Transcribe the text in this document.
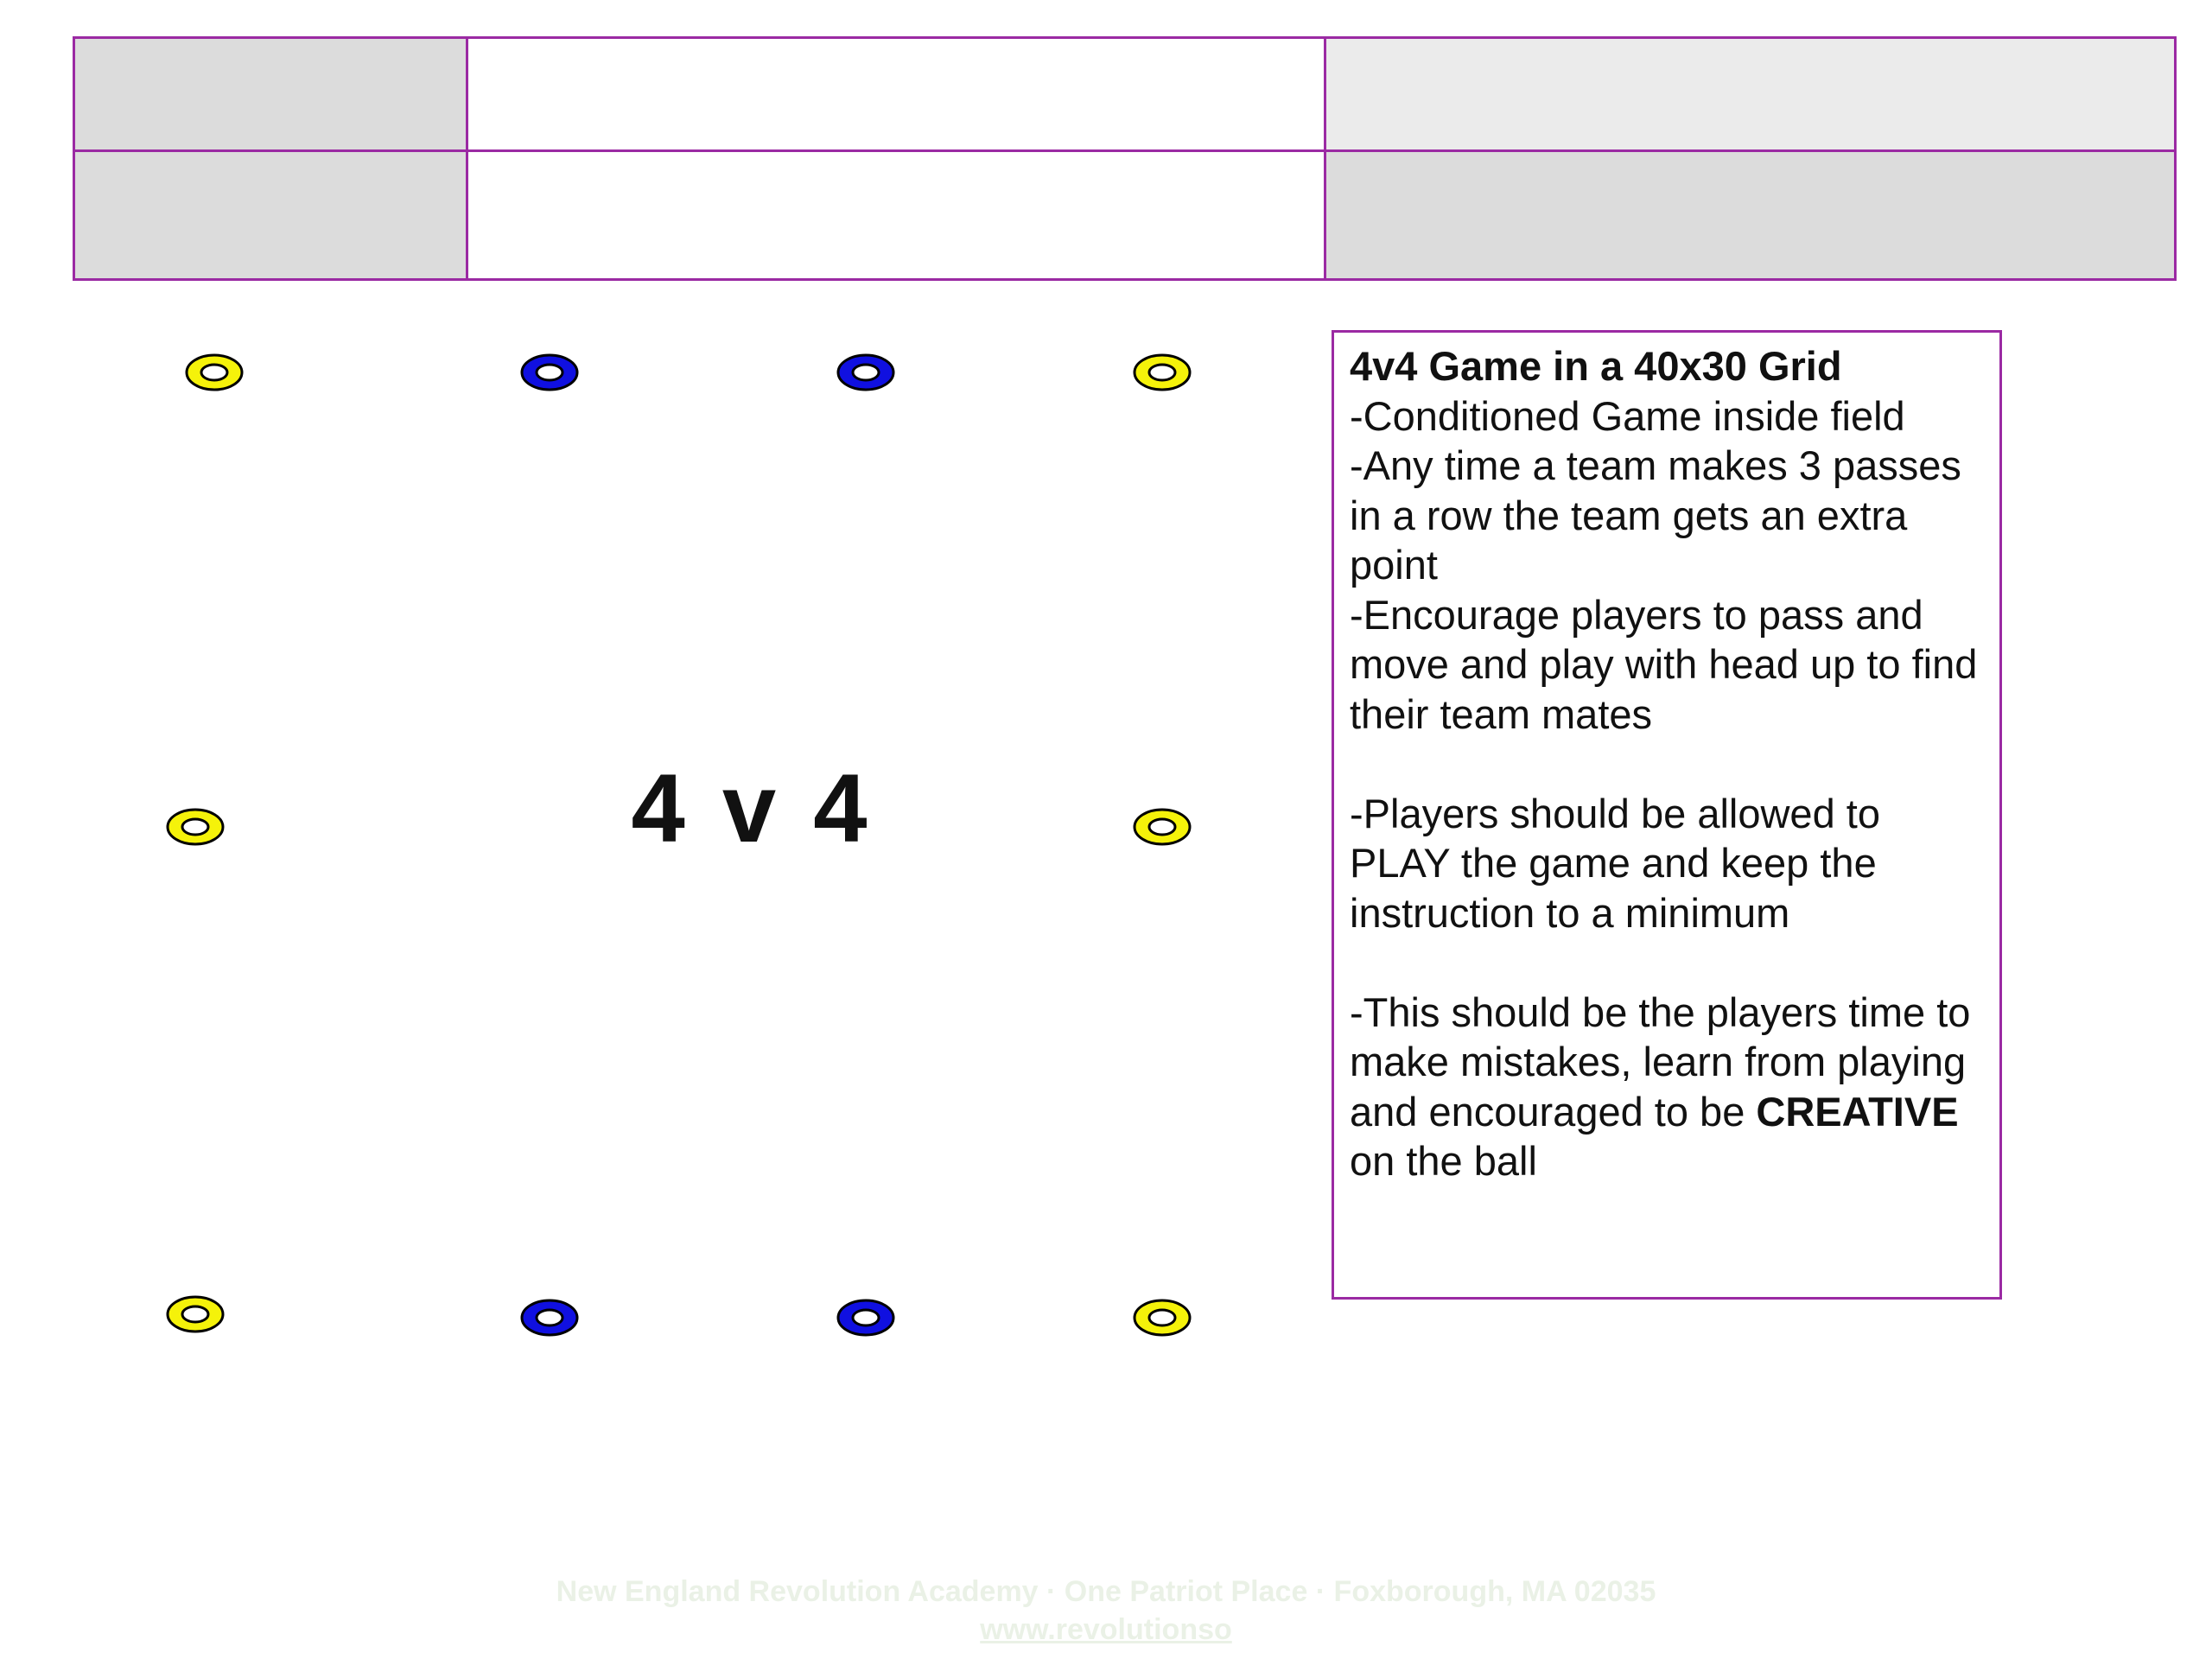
4 v 4

4v4 Game in a 40x30 Grid

-Conditioned Game inside field

-Any time a team makes 3 passes in a row the team gets an extra point

-Encourage players to pass and move and play with head up to find their team mates

-Players should be allowed to PLAY the game and keep the instruction to a minimum

-This should be the players time to make mistakes, learn from playing and encouraged to be CREATIVE on the ball

New England Revolution Academy · One Patriot Place · Foxborough, MA 02035
www.revolutionso
